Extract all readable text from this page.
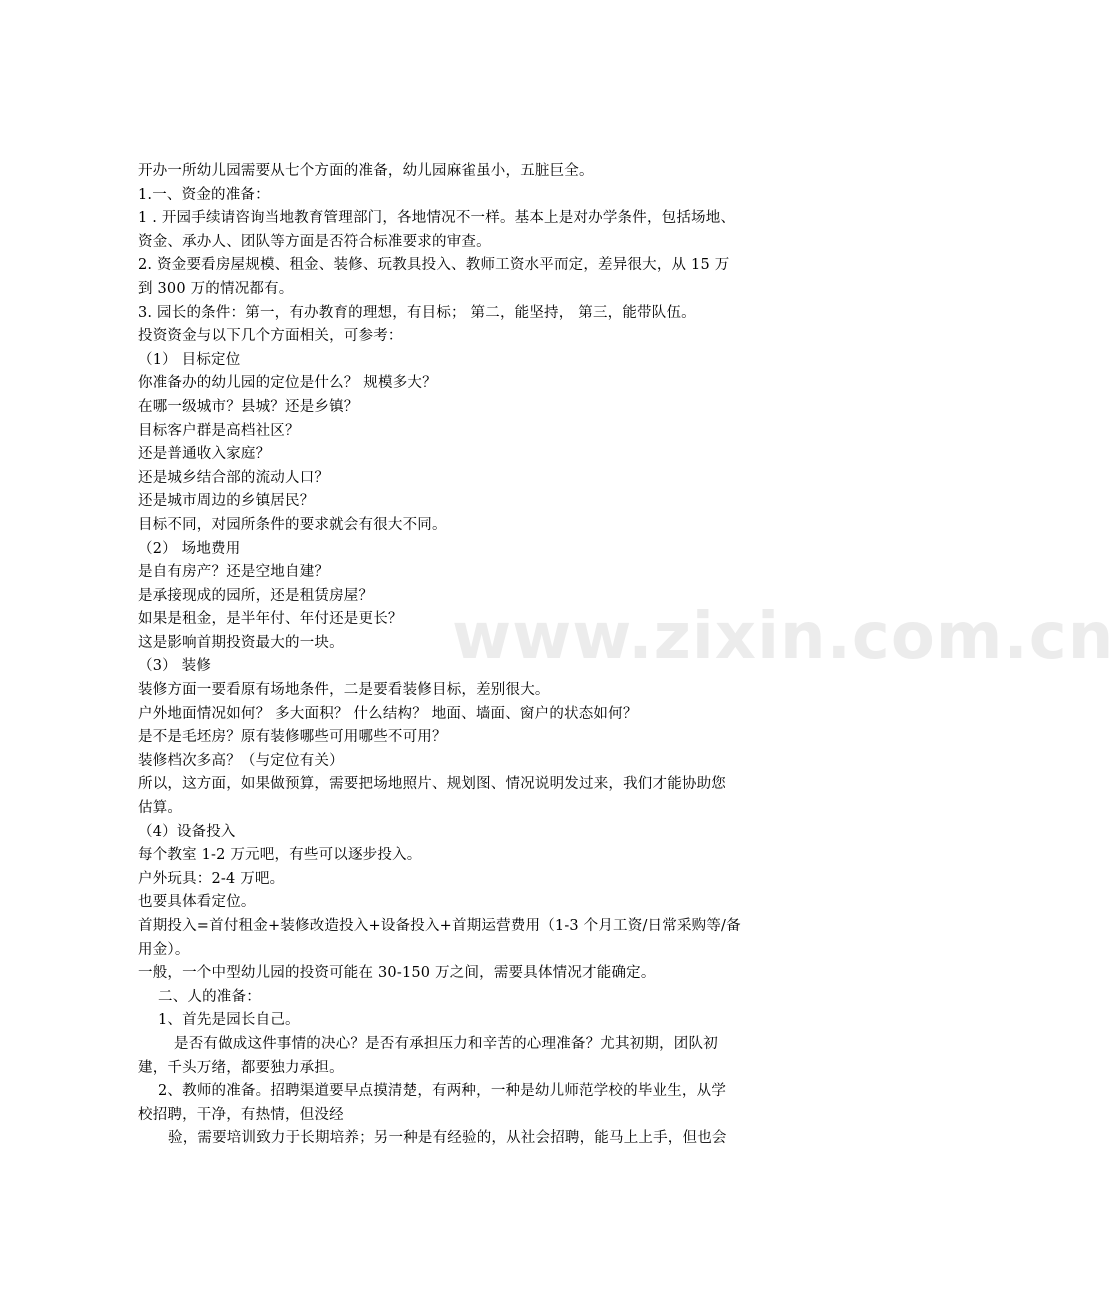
www.zixin.com.cn
开办一所幼儿园需要从七个方面的准备，幼儿园麻雀虽小，五脏巨全。
1.一、资金的准备：
1 . 开园手续请咨询当地教育管理部门，各地情况不一样。基本上是对办学条件，包括场地、
资金、承办人、团队等方面是否符合标准要求的审查。
2. 资金要看房屋规模、租金、装修、玩教具投入、教师工资水平而定，差异很大，从 15 万
到 300 万的情况都有。
3. 园长的条件：第一，有办教育的理想，有目标； 第二，能坚持， 第三，能带队伍。
投资资金与以下几个方面相关，可参考：
（1） 目标定位
你准备办的幼儿园的定位是什么？ 规模多大？
在哪一级城市？县城？还是乡镇？
目标客户群是高档社区？
还是普通收入家庭？
还是城乡结合部的流动人口？
还是城市周边的乡镇居民？
目标不同，对园所条件的要求就会有很大不同。
（2） 场地费用
是自有房产？还是空地自建？
是承接现成的园所，还是租赁房屋？
如果是租金，是半年付、年付还是更长？
这是影响首期投资最大的一块。
（3） 装修
装修方面一要看原有场地条件，二是要看装修目标，差别很大。
户外地面情况如何？ 多大面积？ 什么结构？ 地面、墙面、窗户的状态如何？
是不是毛坯房？原有装修哪些可用哪些不可用？
装修档次多高？（与定位有关）
所以，这方面，如果做预算，需要把场地照片、规划图、情况说明发过来，我们才能协助您
估算。
（4）设备投入
每个教室 1-2 万元吧，有些可以逐步投入。
户外玩具：2-4 万吧。
也要具体看定位。
首期投入=首付租金+装修改造投入+设备投入+首期运营费用（1-3 个月工资/日常采购等/备
用金）。
一般，一个中型幼儿园的投资可能在 30-150 万之间，需要具体情况才能确定。
二、人的准备：
1、首先是园长自己。
是否有做成这件事情的决心？是否有承担压力和辛苦的心理准备？尤其初期，团队初
建，千头万绪，都要独力承担。
2、教师的准备。招聘渠道要早点摸清楚，有两种，一种是幼儿师范学校的毕业生，从学
校招聘，干净，有热情，但没经
验，需要培训致力于长期培养；另一种是有经验的，从社会招聘，能马上上手，但也会
